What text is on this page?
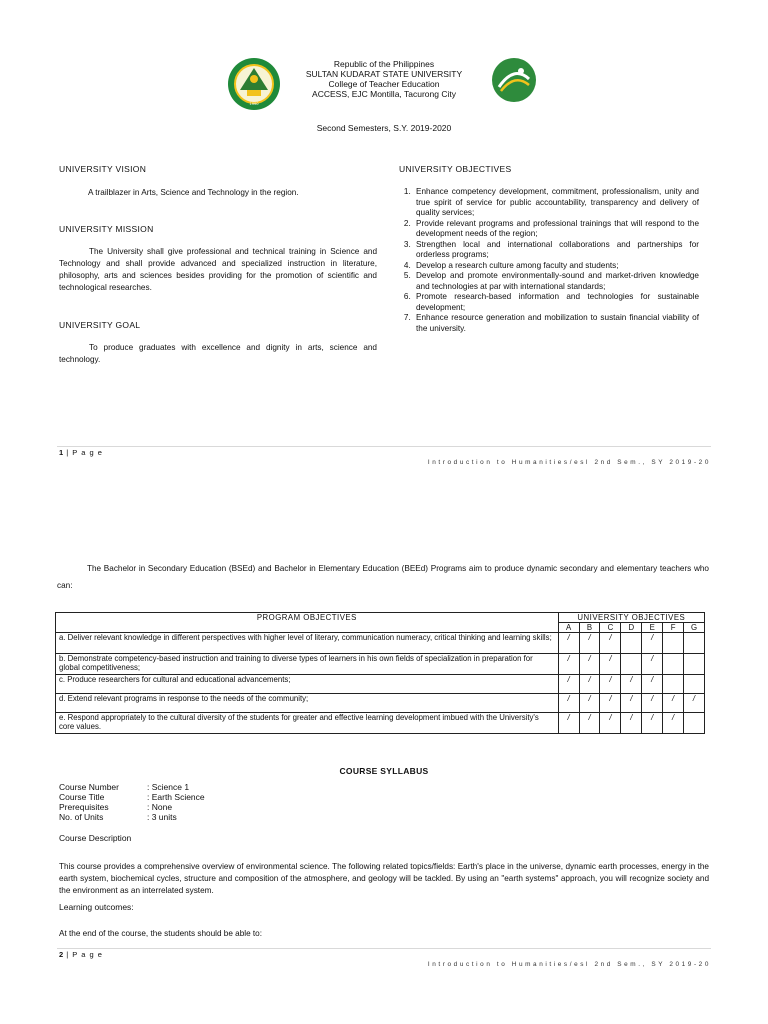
1990
Republic of the Philippines
SULTAN KUDARAT STATE UNIVERSITY
College of Teacher Education
ACCESS, EJC Montilla, Tacurong City
Second Semesters, S.Y. 2019-2020
UNIVERSITY VISION
A trailblazer in Arts, Science and Technology in the region.
UNIVERSITY MISSION
The University shall give professional and technical training in Science and Technology and shall provide advanced and specialized instruction in literature, philosophy, arts and sciences besides providing for the promotion of scientific and technological researches.
UNIVERSITY GOAL
To produce graduates with excellence and dignity in arts, science and technology.
UNIVERSITY OBJECTIVES
1. Enhance competency development, commitment, professionalism, unity and true spirit of service for public accountability, transparency and delivery of quality services;
2. Provide relevant programs and professional trainings that will respond to the development needs of the region;
3. Strengthen local and international collaborations and partnerships for orderless programs;
4. Develop a research culture among faculty and students;
5. Develop and promote environmentally-sound and market-driven knowledge and technologies at par with international standards;
6. Promote research-based information and technologies for sustainable development;
7. Enhance resource generation and mobilization to sustain financial viability of the university.
1 | P a g e
Introduction to Humanities/esl 2nd Sem., SY 2019-20
The Bachelor in Secondary Education (BSEd) and Bachelor in Elementary Education (BEEd) Programs aim to produce dynamic secondary and elementary teachers who can:
PROGRAM OBJECTIVES	UNIVERSITY OBJECTIVES						
	A	B	C	D	E	F	G
a. Deliver relevant knowledge in different perspectives with higher level of literary, communication numeracy, critical thinking and learning skills;	/	/	/		/		
b. Demonstrate competency-based instruction and training to diverse types of learners in his own fields of specialization in preparation for global competitiveness;	/	/	/		/		
c. Produce researchers for cultural and educational advancements;	/	/	/	/	/		
d. Extend relevant programs in response to the needs of the community;	/	/	/	/	/	/	/
e. Respond appropriately to the cultural diversity of the students for greater and effective learning development imbued with the University's core values.	/	/	/	/	/	/	
COURSE SYLLABUS
Course Number	: Science 1
Course Title	: Earth Science
Prerequisites	: None
No. of Units	: 3 units
Course Description
This course provides a comprehensive overview of environmental science. The following related topics/fields: Earth's place in the universe, dynamic earth processes, energy in the earth system, biochemical cycles, structure and composition of the atmosphere, and geology will be tackled. By using an "earth systems" approach, you will recognize society and the environment as an interrelated system.
Learning outcomes:
At the end of the course, the students should be able to:
2 | P a g e
Introduction to Humanities/esl 2nd Sem., SY 2019-20
